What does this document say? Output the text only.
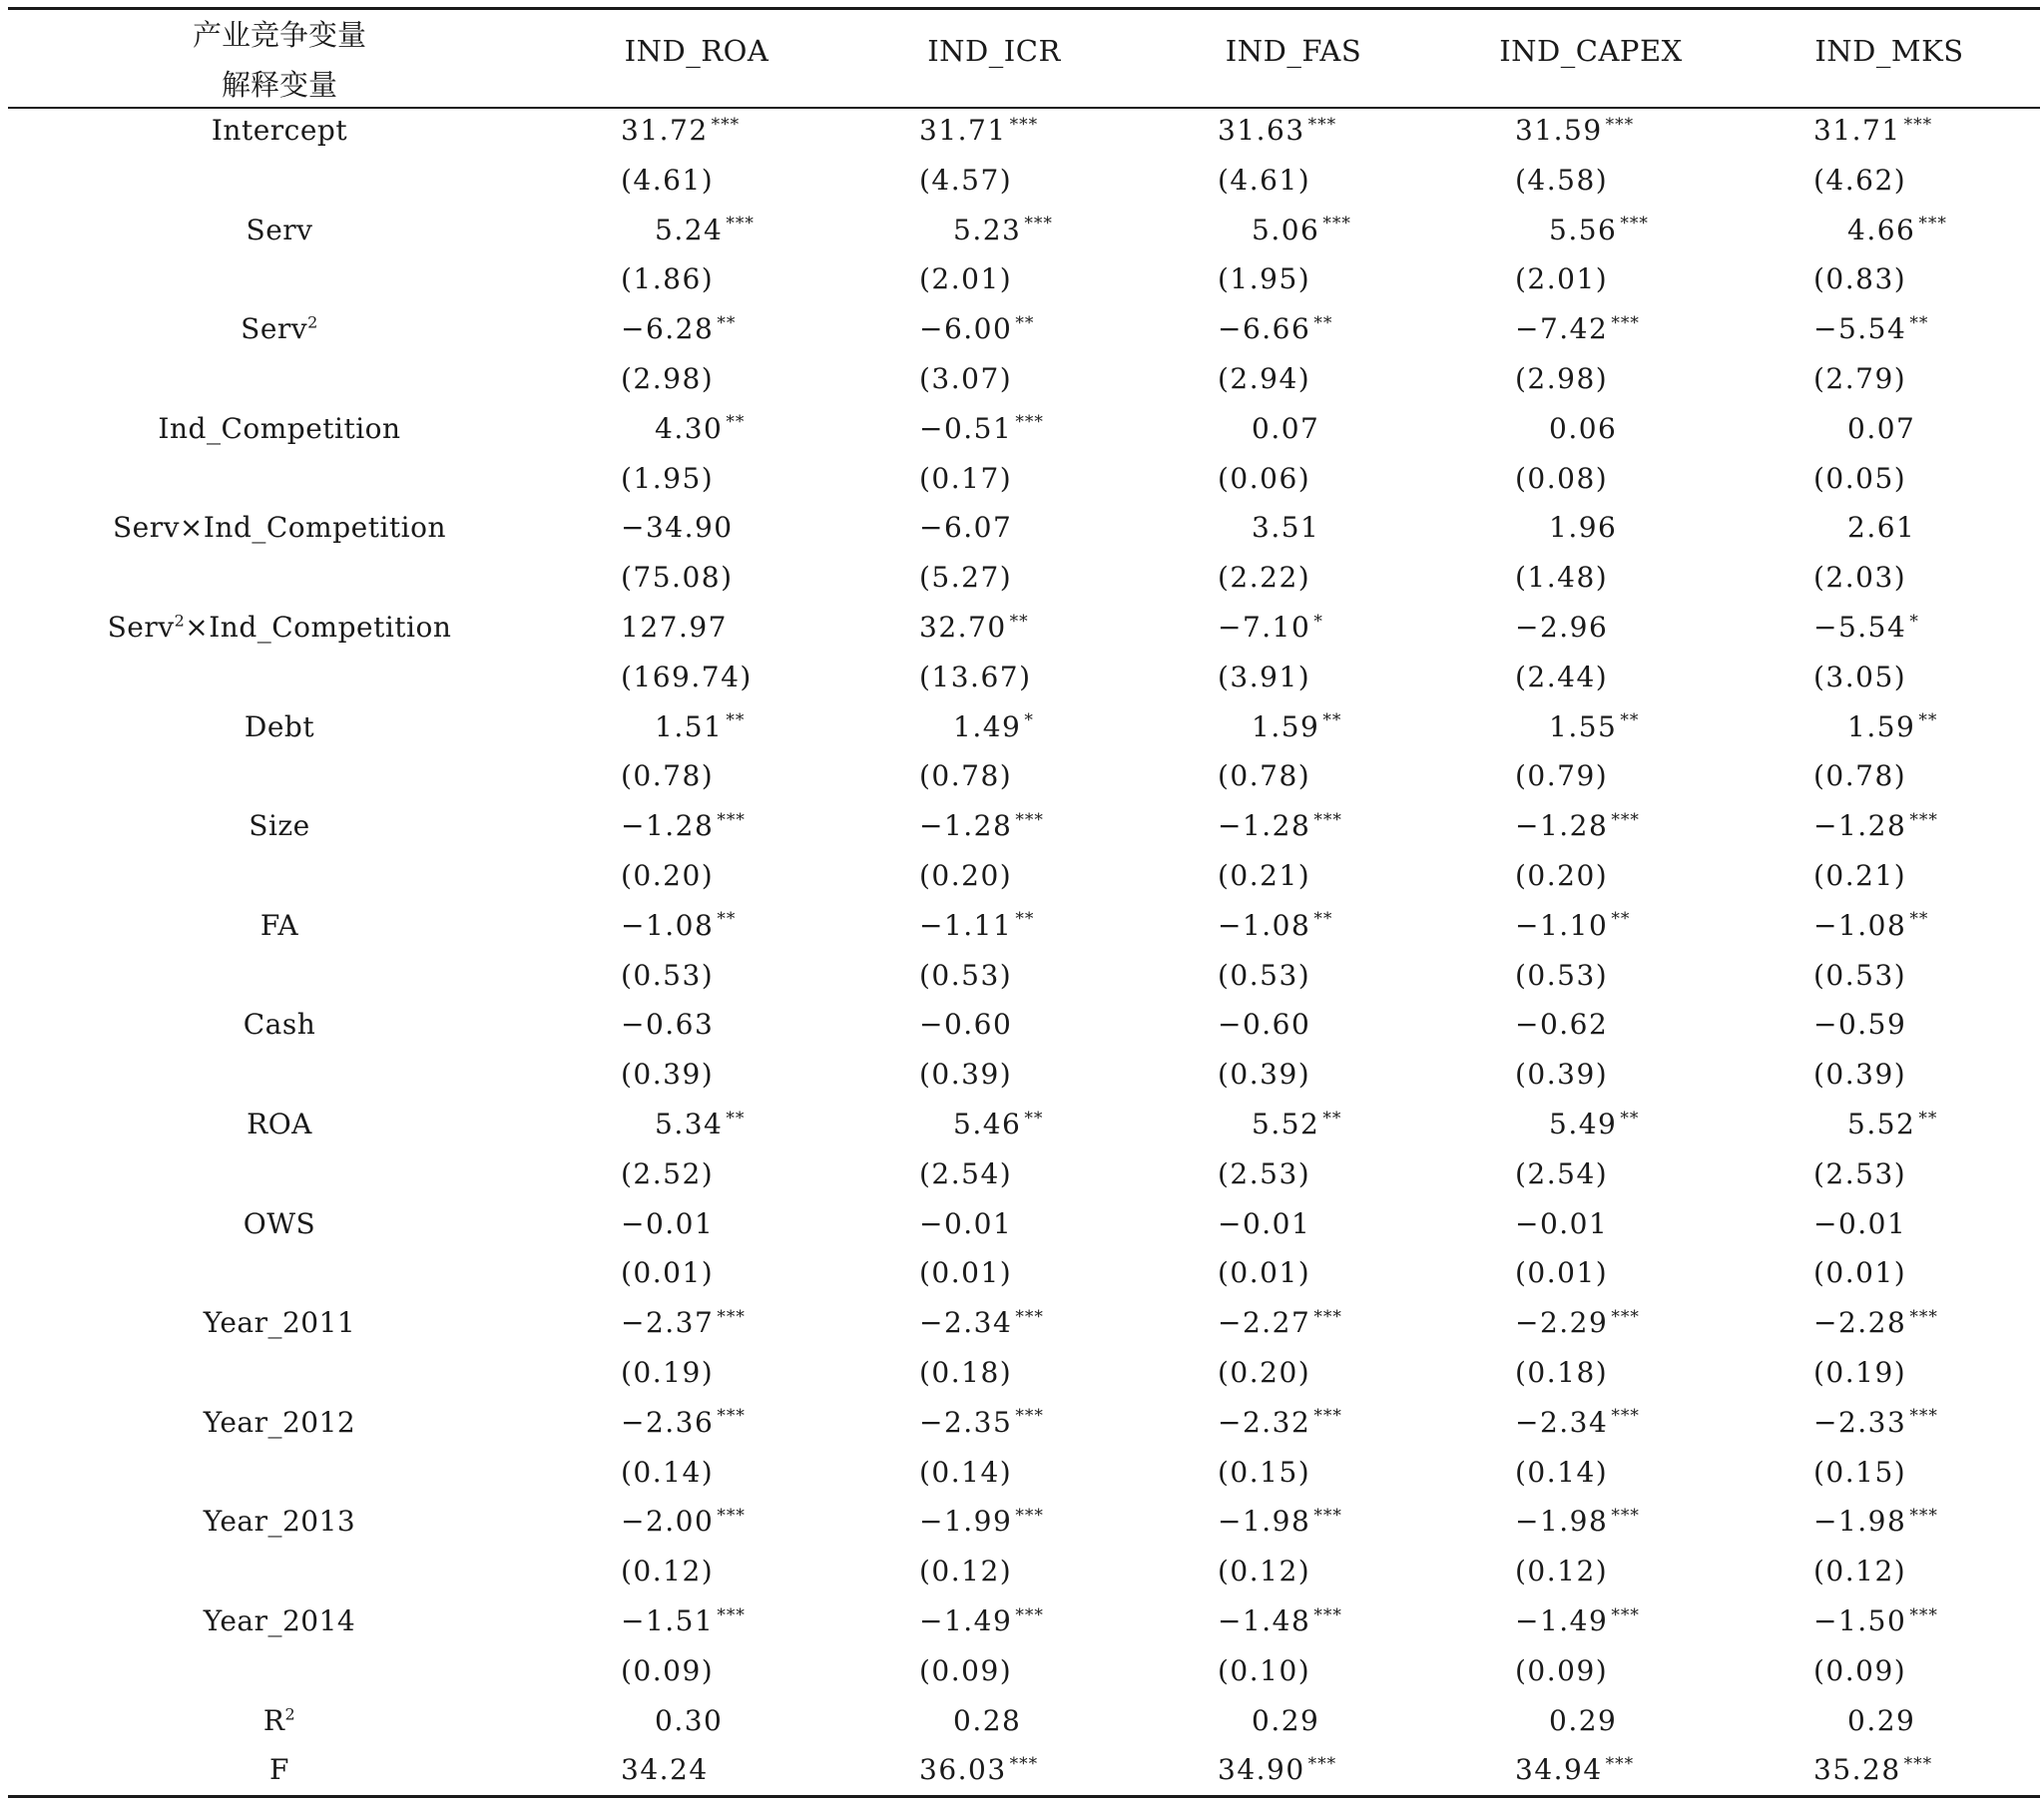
产业竞争变量
解释变量
IND_ROA	IND_ICR	IND_FAS	IND_CAPEX	IND_MKS
Intercept	31.72 ***	31.71 ***	31.63 ***	31.59 ***	31.71 ***
(4.61)	(4.57)	(4.61)	(4.58)	(4.62)
Serv	5.24 ***	5.23 ***	5.06 ***	5.56 ***	4.66 ***
(1.86)	(2.01)	(1.95)	(2.01)	(0.83)
Serv$^2$	−6.28 **	−6.00 **	−6.66 **	−7.42 ***	−5.54 **
(2.98)	(3.07)	(2.94)	(2.98)	(2.79)
Ind_Competition	4.30 **	−0.51 ***	0.07	0.06	0.07
(1.95)	(0.17)	(0.06)	(0.08)	(0.05)
Serv×Ind_Competition	−34.90	−6.07	3.51	1.96	2.61
(75.08)	(5.27)	(2.22)	(1.48)	(2.03)
Serv$^2$×Ind_Competition	127.97	32.70 **	−7.10 *	−2.96	−5.54 *
(169.74)	(13.67)	(3.91)	(2.44)	(3.05)
Debt	1.51 **	1.49 *	1.59 **	1.55 **	1.59 **
(0.78)	(0.78)	(0.78)	(0.79)	(0.78)
Size	−1.28 ***	−1.28 ***	−1.28 ***	−1.28 ***	−1.28 ***
(0.20)	(0.20)	(0.21)	(0.20)	(0.21)
FA	−1.08 **	−1.11 **	−1.08 **	−1.10 **	−1.08 **
(0.53)	(0.53)	(0.53)	(0.53)	(0.53)
Cash	−0.63	−0.60	−0.60	−0.62	−0.59
(0.39)	(0.39)	(0.39)	(0.39)	(0.39)
ROA	5.34 **	5.46 **	5.52 **	5.49 **	5.52 **
(2.52)	(2.54)	(2.53)	(2.54)	(2.53)
OWS	−0.01	−0.01	−0.01	−0.01	−0.01
(0.01)	(0.01)	(0.01)	(0.01)	(0.01)
Year_2011	−2.37 ***	−2.34 ***	−2.27 ***	−2.29 ***	−2.28 ***
(0.19)	(0.18)	(0.20)	(0.18)	(0.19)
Year_2012	−2.36 ***	−2.35 ***	−2.32 ***	−2.34 ***	−2.33 ***
(0.14)	(0.14)	(0.15)	(0.14)	(0.15)
Year_2013	−2.00 ***	−1.99 ***	−1.98 ***	−1.98 ***	−1.98 ***
(0.12)	(0.12)	(0.12)	(0.12)	(0.12)
Year_2014	−1.51 ***	−1.49 ***	−1.48 ***	−1.49 ***	−1.50 ***
(0.09)	(0.09)	(0.10)	(0.09)	(0.09)
$R^2$	0.30	0.28	0.29	0.29	0.29
F	34.24	36.03 ***	34.90 ***	34.94 ***	35.28 ***
